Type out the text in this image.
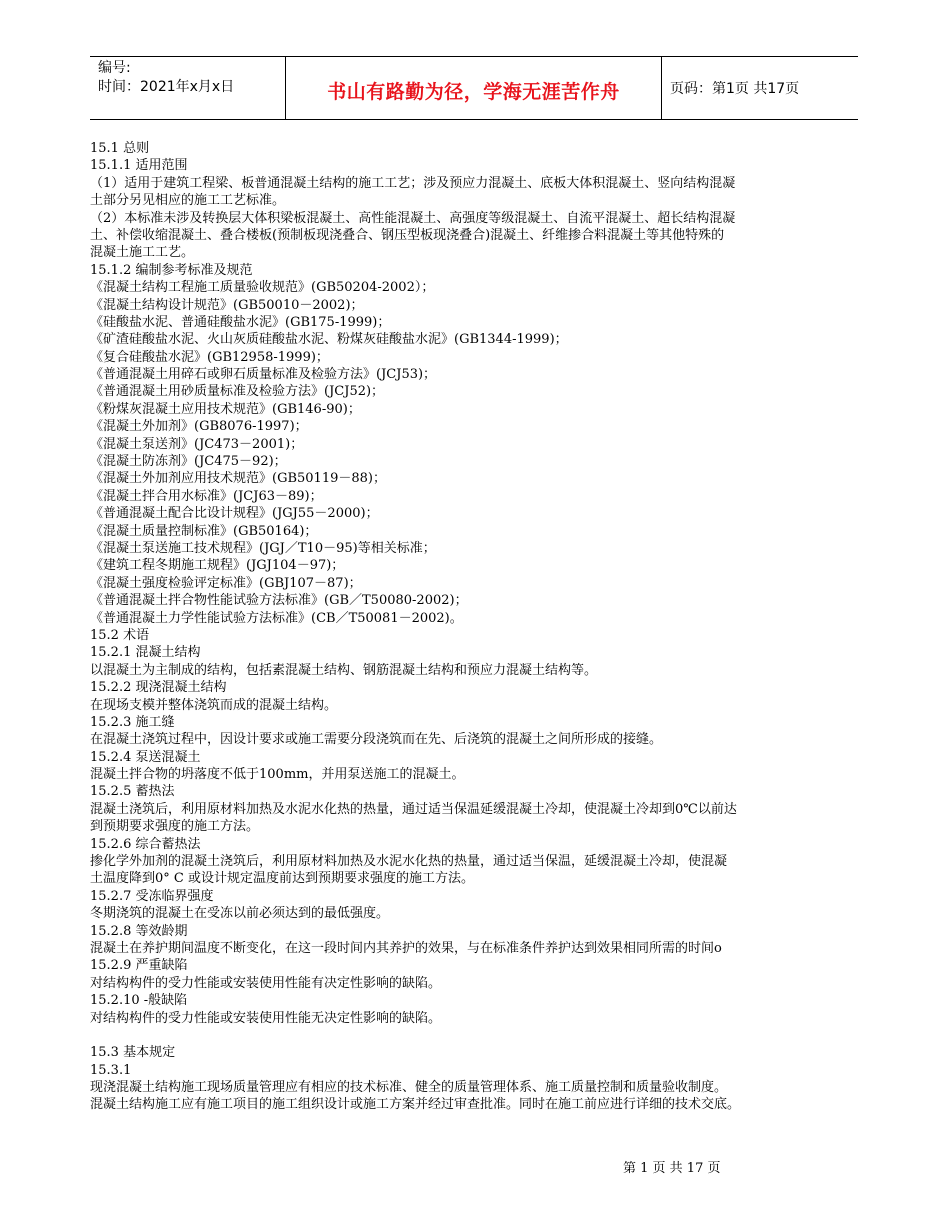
编号:
时间：2021年x月x日	书山有路勤为径，学海无涯苦作舟	页码：第1页 共17页
15.1 总则
15.1.1 适用范围
（1）适用于建筑工程梁、板普通混凝土结构的施工工艺；涉及预应力混凝土、底板大体积混凝土、竖向结构混凝
土部分另见相应的施工工艺标准。
（2）本标准未涉及转换层大体积梁板混凝土、高性能混凝土、高强度等级混凝土、自流平混凝土、超长结构混凝
土、补偿收缩混凝土、叠合楼板(预制板现浇叠合、钢压型板现浇叠合)混凝土、纤维掺合料混凝土等其他特殊的
混凝土施工工艺。
15.1.2 编制参考标准及规范
《混凝土结构工程施工质量验收规范》(GB50204-2002）；
《混凝土结构设计规范》(GB50010－2002)；
《硅酸盐水泥、普通硅酸盐水泥》(GB175-1999)；
《矿渣硅酸盐水泥、火山灰质硅酸盐水泥、粉煤灰硅酸盐水泥》(GB1344-1999)；
《复合硅酸盐水泥》(GB12958-1999)；
《普通混凝土用碎石或卵石质量标准及检验方法》(JCJ53)；
《普通混凝土用砂质量标准及检验方法》(JCJ52)；
《粉煤灰混凝土应用技术规范》(GB146-90)；
《混凝土外加剂》(GB8076-1997)；
《混凝土泵送剂》(JC473－2001)；
《混凝土防冻剂》(JC475－92)；
《混凝土外加剂应用技术规范》(GB50119－88)；
《混凝土拌合用水标准》(JCJ63－89)；
《普通混凝土配合比设计规程》(JGJ55－2000)；
《混凝土质量控制标准》(GB50164)；
《混凝土泵送施工技术规程》(JGJ／T10－95)等相关标准；
《建筑工程冬期施工规程》(JGJ104－97)；
《混凝土强度检验评定标准》(GBJ107－87)；
《普通混凝土拌合物性能试验方法标准》(GB／T50080-2002)；
《普通混凝土力学性能试验方法标准》(CB／T50081－2002)。
15.2 术语
15.2.1 混凝土结构
以混凝土为主制成的结构，包括素混凝土结构、钢筋混凝土结构和预应力混凝土结构等。
15.2.2 现浇混凝土结构
在现场支模并整体浇筑而成的混凝土结构。
15.2.3 施工缝
在混凝土浇筑过程中，因设计要求或施工需要分段浇筑而在先、后浇筑的混凝土之间所形成的接缝。
15.2.4 泵送混凝土
混凝土拌合物的坍落度不低于100mm，并用泵送施工的混凝土。
15.2.5 蓄热法
混凝土浇筑后，利用原材料加热及水泥水化热的热量，通过适当保温延缓混凝土冷却，使混凝土冷却到0℃以前达
到预期要求强度的施工方法。
15.2.6 综合蓄热法
掺化学外加剂的混凝土浇筑后，利用原材料加热及水泥水化热的热量，通过适当保温，延缓混凝土冷却，使混凝
土温度降到0° C 或设计规定温度前达到预期要求强度的施工方法。
15.2.7 受冻临界强度
冬期浇筑的混凝土在受冻以前必须达到的最低强度。
15.2.8 等效龄期
混凝土在养护期间温度不断变化，在这一段时间内其养护的效果，与在标准条件养护达到效果相同所需的时间o
15.2.9 严重缺陷
对结构构件的受力性能或安装使用性能有决定性影响的缺陷。
15.2.10 -般缺陷
对结构构件的受力性能或安装使用性能无决定性影响的缺陷。
15.3 基本规定
15.3.1
现浇混凝土结构施工现场质量管理应有相应的技术标准、健全的质量管理体系、施工质量控制和质量验收制度。
混凝土结构施工应有施工项目的施工组织设计或施工方案并经过审查批准。同时在施工前应进行详细的技术交底。
第 1 页 共 17 页
